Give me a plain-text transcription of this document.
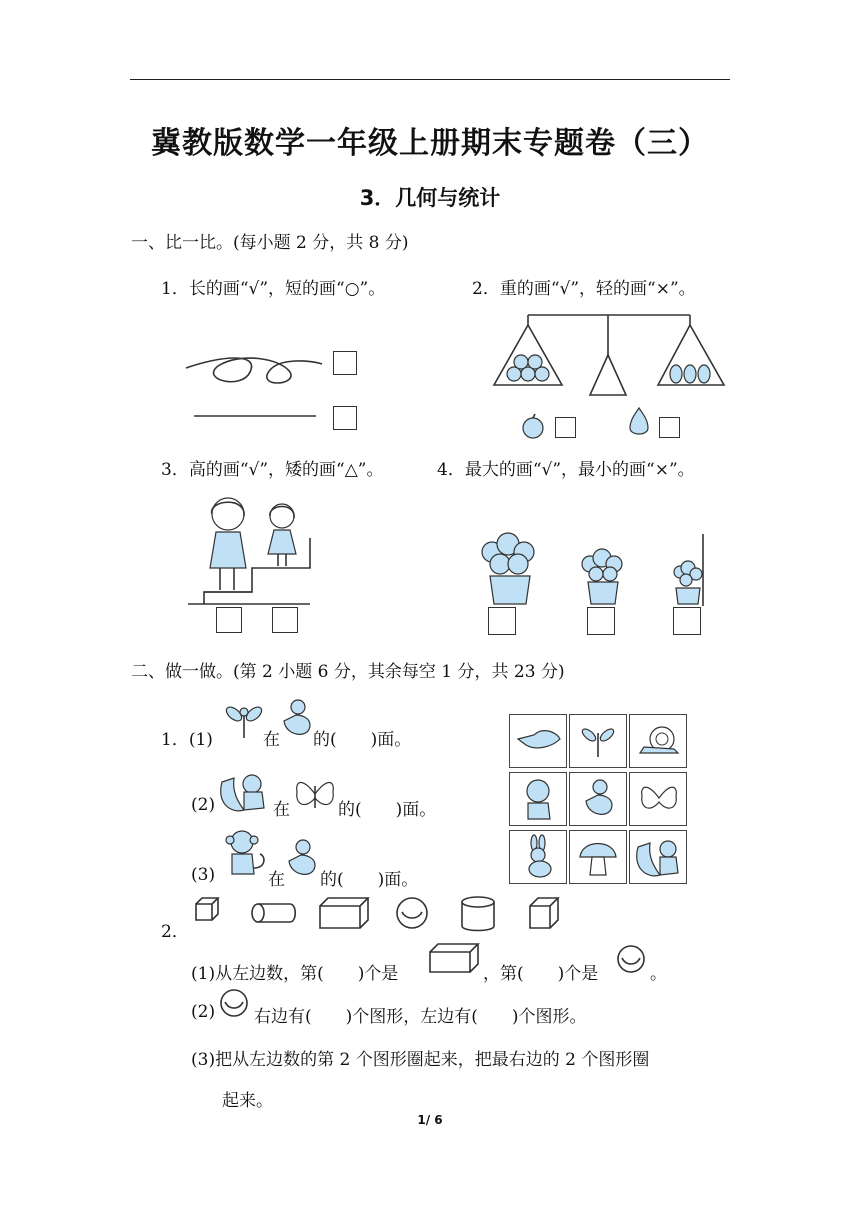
冀教版数学一年级上册期末专题卷（三）
3．几何与统计
一、比一比。(每小题 2 分，共 8 分)
1．长的画“√”，短的画“○”。	2．重的画“√”，轻的画“×”。
3．高的画“√”，矮的画“△”。	4．最大的画“√”，最小的画“×”。
二、做一做。(第 2 小题 6 分，其余每空 1 分，共 23 分)
1．(1)	在 的(　　)面。
(2)	在	的(　　)面。
(3)	在 的(　　)面。
2．
(1)从左边数，第(　　)个是	，第(　　)个是	。
(2) 右边有(　　)个图形，左边有(　　)个图形。
(3)把从左边数的第 2 个图形圈起来，把最右边的 2 个图形圈
起来。
1/ 6
